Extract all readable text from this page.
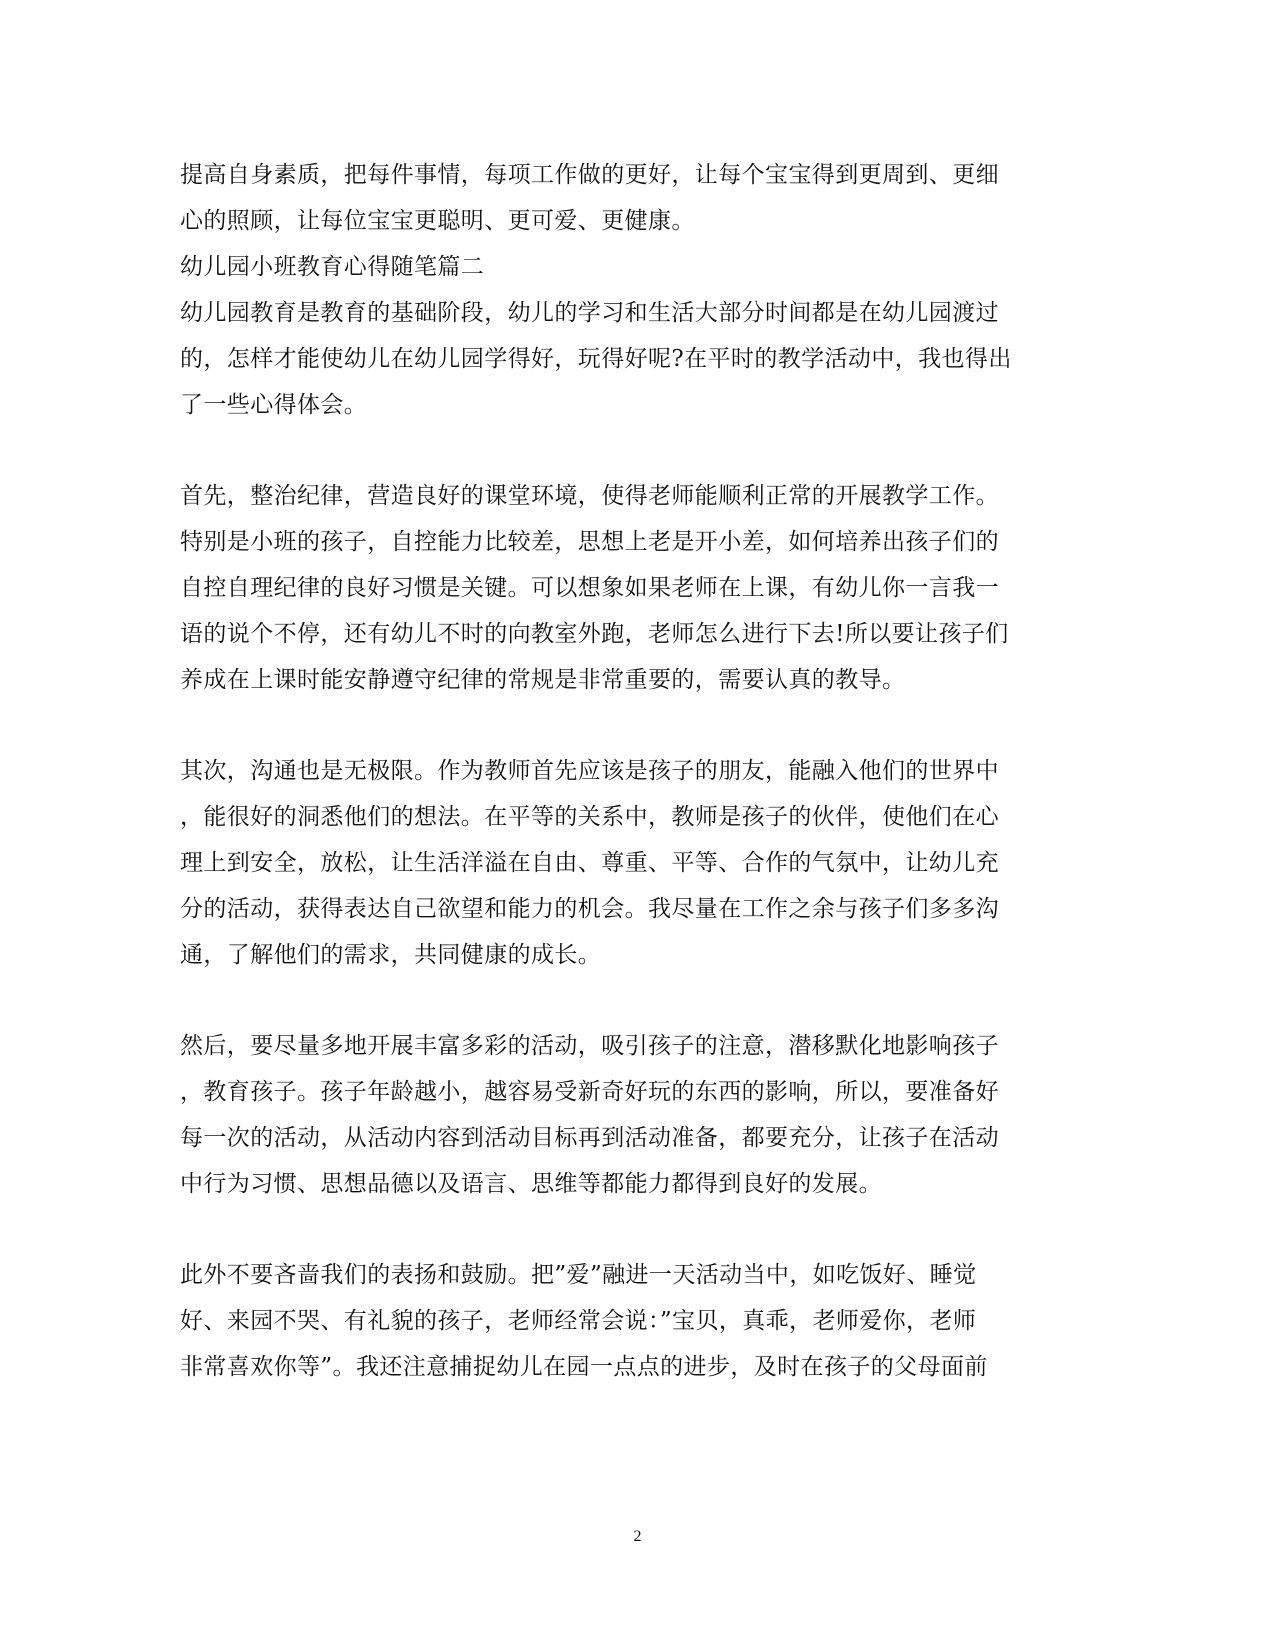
提高自身素质，把每件事情，每项工作做的更好，让每个宝宝得到更周到、更细
心的照顾，让每位宝宝更聪明、更可爱、更健康。
幼儿园小班教育心得随笔篇二
幼儿园教育是教育的基础阶段，幼儿的学习和生活大部分时间都是在幼儿园渡过
的，怎样才能使幼儿在幼儿园学得好，玩得好呢?在平时的教学活动中，我也得出
了一些心得体会。
首先，整治纪律，营造良好的课堂环境，使得老师能顺利正常的开展教学工作。
特别是小班的孩子，自控能力比较差，思想上老是开小差，如何培养出孩子们的
自控自理纪律的良好习惯是关键。可以想象如果老师在上课，有幼儿你一言我一
语的说个不停，还有幼儿不时的向教室外跑，老师怎么进行下去!所以要让孩子们
养成在上课时能安静遵守纪律的常规是非常重要的，需要认真的教导。
其次，沟通也是无极限。作为教师首先应该是孩子的朋友，能融入他们的世界中
，能很好的洞悉他们的想法。在平等的关系中，教师是孩子的伙伴，使他们在心
理上到安全，放松，让生活洋溢在自由、尊重、平等、合作的气氛中，让幼儿充
分的活动，获得表达自己欲望和能力的机会。我尽量在工作之余与孩子们多多沟
通，了解他们的需求，共同健康的成长。
然后，要尽量多地开展丰富多彩的活动，吸引孩子的注意，潜移默化地影响孩子
，教育孩子。孩子年龄越小，越容易受新奇好玩的东西的影响，所以，要准备好
每一次的活动，从活动内容到活动目标再到活动准备，都要充分，让孩子在活动
中行为习惯、思想品德以及语言、思维等都能力都得到良好的发展。
此外不要吝啬我们的表扬和鼓励。把”爱”融进一天活动当中，如吃饭好、睡觉
好、来园不哭、有礼貌的孩子，老师经常会说：”宝贝，真乖，老师爱你，老师
非常喜欢你等”。我还注意捕捉幼儿在园一点点的进步，及时在孩子的父母面前
2
